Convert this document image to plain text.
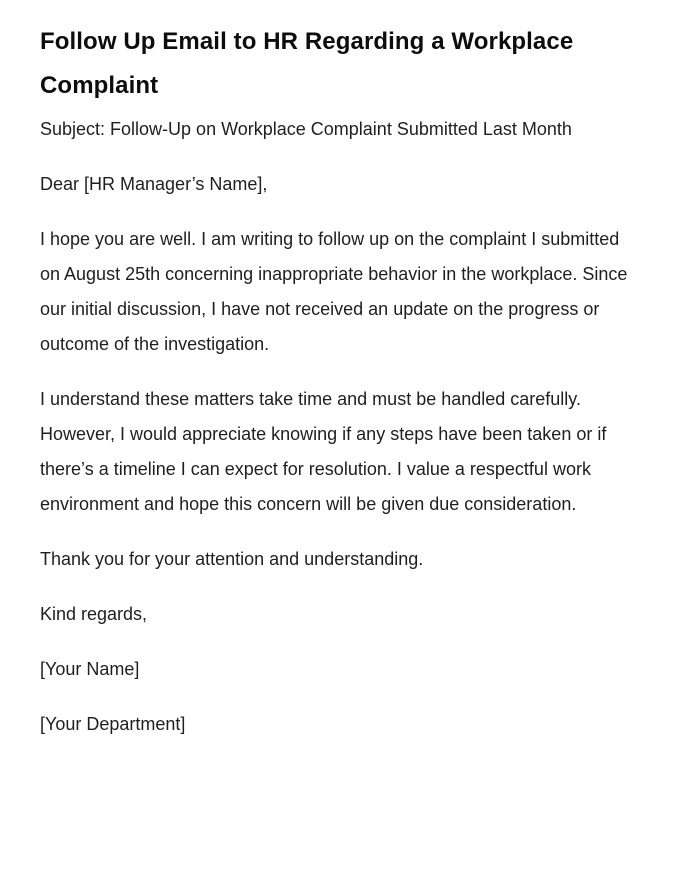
Follow Up Email to HR Regarding a Workplace Complaint

Subject: Follow-Up on Workplace Complaint Submitted Last Month

Dear [HR Manager’s Name],

I hope you are well. I am writing to follow up on the complaint I submitted on August 25th concerning inappropriate behavior in the workplace. Since our initial discussion, I have not received an update on the progress or outcome of the investigation.

I understand these matters take time and must be handled carefully. However, I would appreciate knowing if any steps have been taken or if there’s a timeline I can expect for resolution. I value a respectful work environment and hope this concern will be given due consideration.

Thank you for your attention and understanding.

Kind regards,

[Your Name]

[Your Department]
